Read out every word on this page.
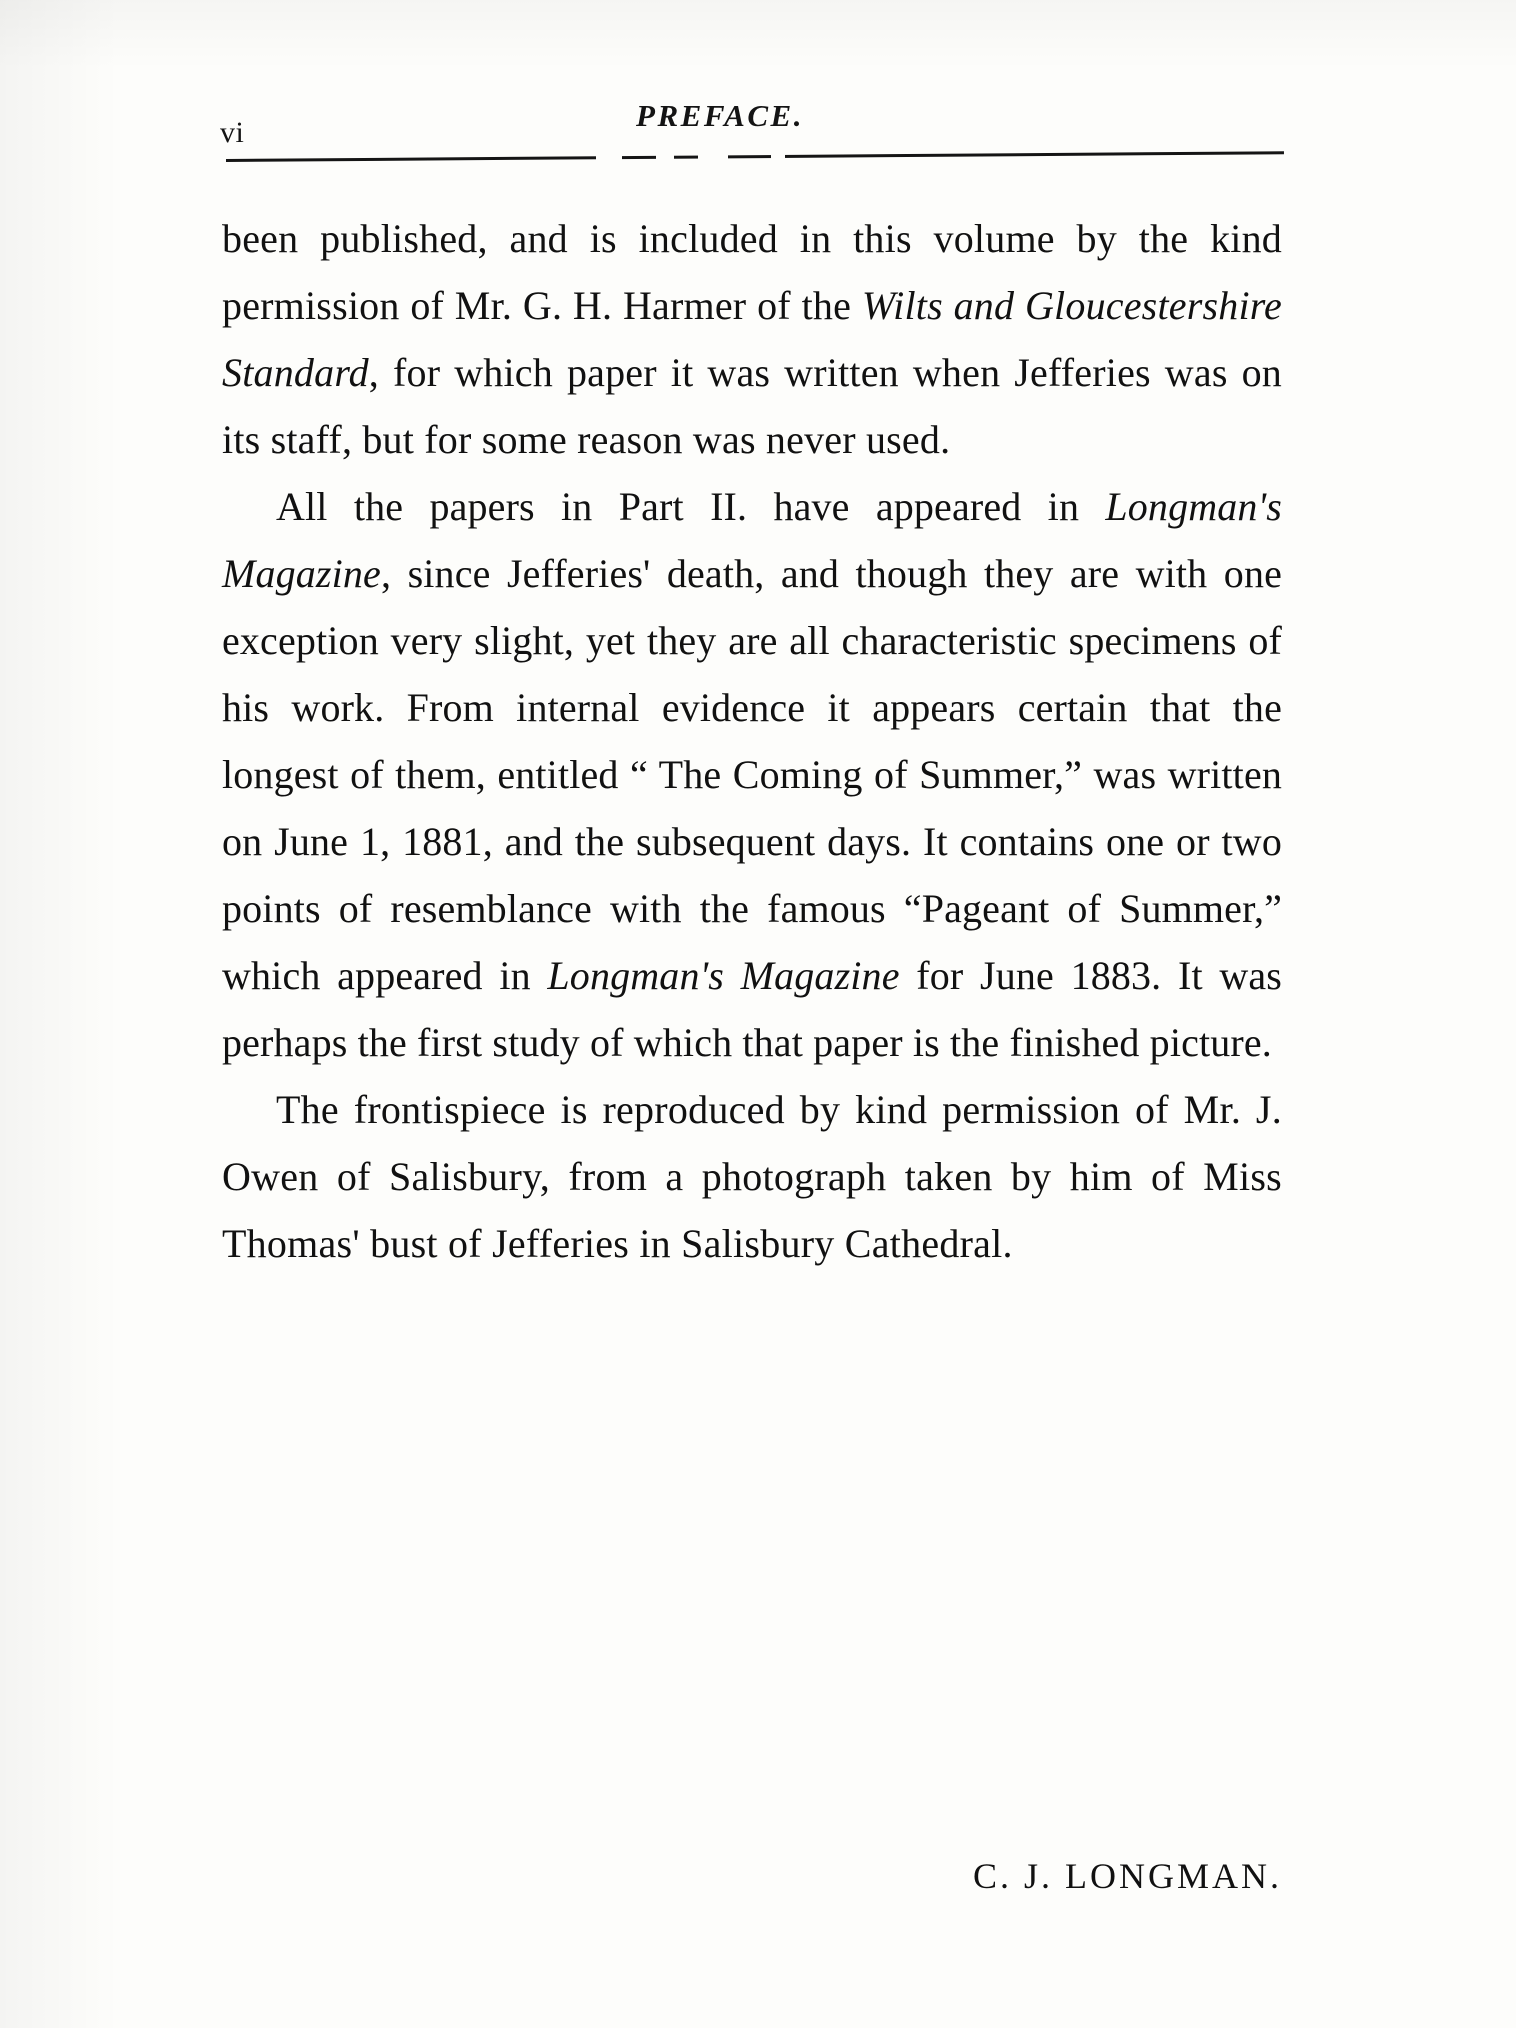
vi	PREFACE.

been published, and is included in this volume by the kind permission of Mr. G. H. Harmer of the Wilts and Gloucestershire Standard, for which paper it was written when Jefferies was on its staff, but for some reason was never used.

All the papers in Part II. have appeared in Longman's Magazine, since Jefferies' death, and though they are with one exception very slight, yet they are all characteristic specimens of his work. From internal evidence it appears certain that the longest of them, entitled “ The Coming of Summer,” was written on June 1, 1881, and the subsequent days. It contains one or two points of resemblance with the famous “Pageant of Summer,” which appeared in Longman's Magazine for June 1883. It was perhaps the first study of which that paper is the finished picture.

The frontispiece is reproduced by kind permission of Mr. J. Owen of Salisbury, from a photograph taken by him of Miss Thomas' bust of Jefferies in Salisbury Cathedral.

C. J. LONGMAN.
